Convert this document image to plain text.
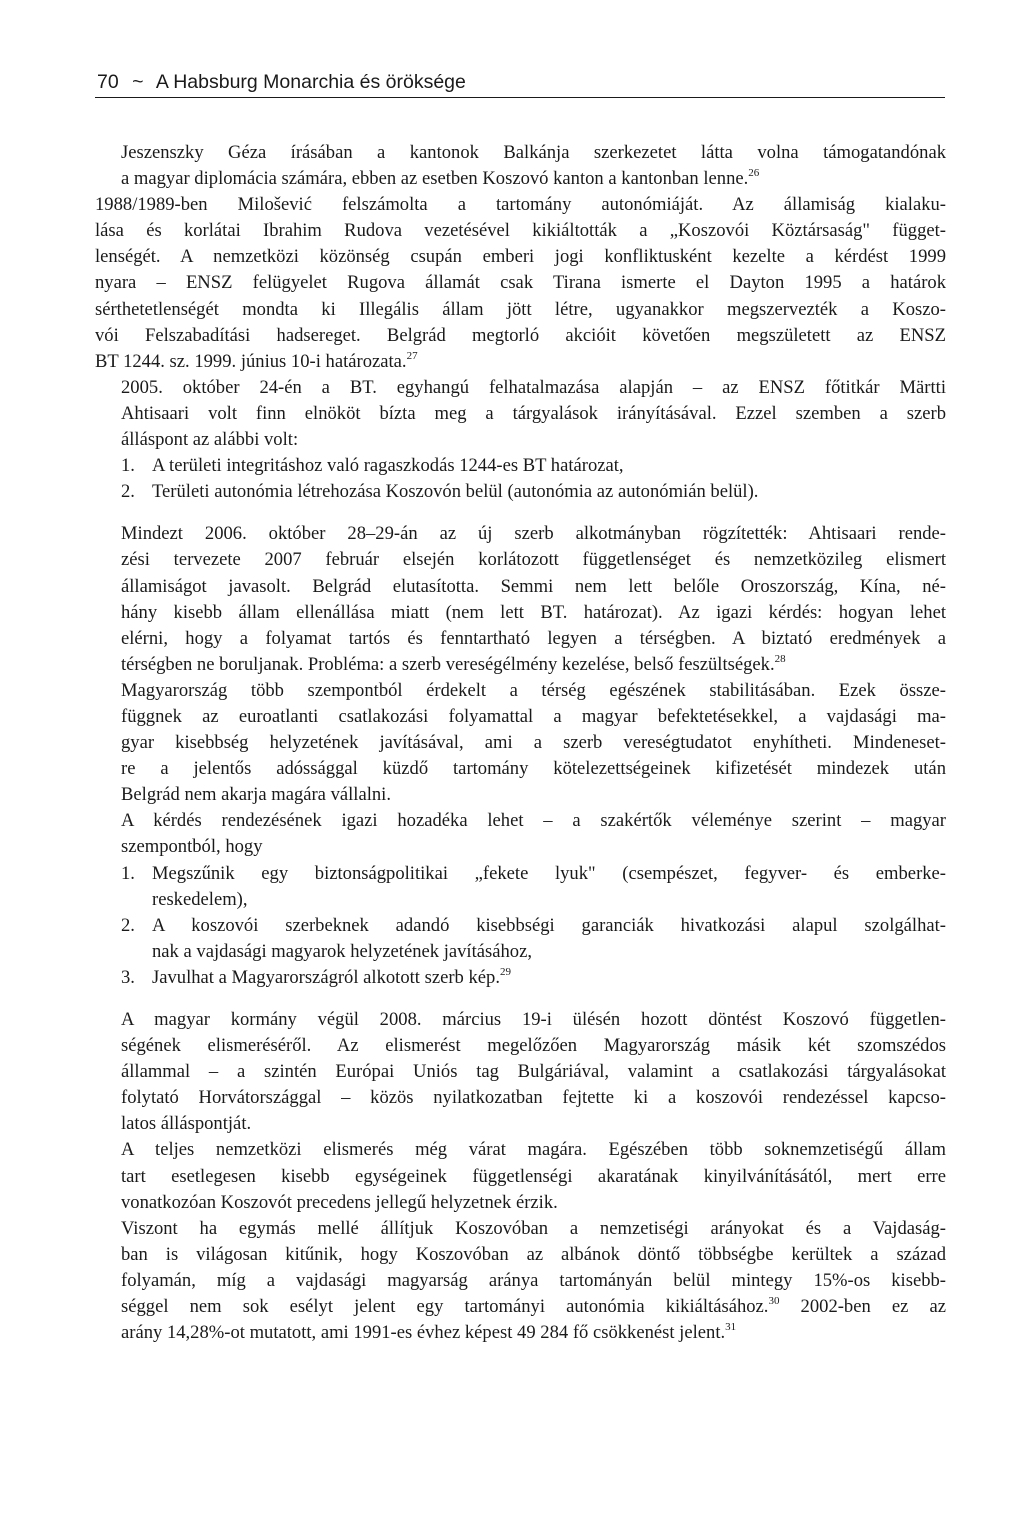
70 ~ A Habsburg Monarchia és öröksége

Jeszenszky Géza írásában a kantonok Balkánja szerkezetet látta volna támogatandónak
a magyar diplomácia számára, ebben az esetben Koszovó kanton a kantonban lenne.$^{26}$

1988/1989-ben Milošević felszámolta a tartomány autonómiáját. Az államiság kialaku-
lása és korlátai Ibrahim Rudova vezetésével kikiáltották a „Koszovói Köztársaság" függet-
lenségét. A nemzetközi közönség csupán emberi jogi konfliktusként kezelte a kérdést 1999
nyara – ENSZ felügyelet Rugova államát csak Tirana ismerte el Dayton 1995 a határok
sérthetetlenségét mondta ki Illegális állam jött létre, ugyanakkor megszervezték a Koszo-
vói Felszabadítási hadsereget. Belgrád megtorló akcióit követően megszületett az ENSZ
BT 1244. sz. 1999. június 10-i határozata.$^{27}$

2005. október 24-én a BT. egyhangú felhatalmazása alapján – az ENSZ főtitkár Märtti
Ahtisaari volt finn elnököt bízta meg a tárgyalások irányításával. Ezzel szemben a szerb
álláspont az alábbi volt:

1. A területi integritáshoz való ragaszkodás 1244-es BT határozat,
2. Területi autonómia létrehozása Koszovón belül (autonómia az autonómián belül).

Mindezt 2006. október 28–29-án az új szerb alkotmányban rögzítették: Ahtisaari rende-
zési tervezete 2007 február elsején korlátozott függetlenséget és nemzetközileg elismert
államiságot javasolt. Belgrád elutasította. Semmi nem lett belőle Oroszország, Kína, né-
hány kisebb állam ellenállása miatt (nem lett BT. határozat). Az igazi kérdés: hogyan lehet
elérni, hogy a folyamat tartós és fenntartható legyen a térségben. A biztató eredmények a
térségben ne boruljanak. Probléma: a szerb vereségélmény kezelése, belső feszültségek.$^{28}$

Magyarország több szempontból érdekelt a térség egészének stabilitásában. Ezek össze-
függnek az euroatlanti csatlakozási folyamattal a magyar befektetésekkel, a vajdasági ma-
gyar kisebbség helyzetének javításával, ami a szerb vereségtudatot enyhítheti. Mindeneset-
re a jelentős adóssággal küzdő tartomány kötelezettségeinek kifizetését mindezek után
Belgrád nem akarja magára vállalni.

A kérdés rendezésének igazi hozadéka lehet – a szakértők véleménye szerint – magyar
szempontból, hogy

1. Megszűnik egy biztonságpolitikai „fekete lyuk" (csempészet, fegyver- és emberke-
reskedelem),
2. A koszovói szerbeknek adandó kisebbségi garanciák hivatkozási alapul szolgálhat-
nak a vajdasági magyarok helyzetének javításához,
3. Javulhat a Magyarországról alkotott szerb kép.$^{29}$

A magyar kormány végül 2008. március 19-i ülésén hozott döntést Koszovó független-
ségének elismeréséről. Az elismerést megelőzően Magyarország másik két szomszédos
állammal – a szintén Európai Uniós tag Bulgáriával, valamint a csatlakozási tárgyalásokat
folytató Horvátországgal – közös nyilatkozatban fejtette ki a koszovói rendezéssel kapcso-
latos álláspontját.

A teljes nemzetközi elismerés még várat magára. Egészében több soknemzetiségű állam
tart esetlegesen kisebb egységeinek függetlenségi akaratának kinyilvánításától, mert erre
vonatkozóan Koszovót precedens jellegű helyzetnek érzik.

Viszont ha egymás mellé állítjuk Koszovóban a nemzetiségi arányokat és a Vajdaság-
ban is világosan kitűnik, hogy Koszovóban az albánok döntő többségbe kerültek a század
folyamán, míg a vajdasági magyarság aránya tartományán belül mintegy 15%-os kisebb-
séggel nem sok esélyt jelent egy tartományi autonómia kikiáltásához.$^{30}$ 2002-ben ez az
arány 14,28%-ot mutatott, ami 1991-es évhez képest 49 284 fő csökkenést jelent.$^{31}$
